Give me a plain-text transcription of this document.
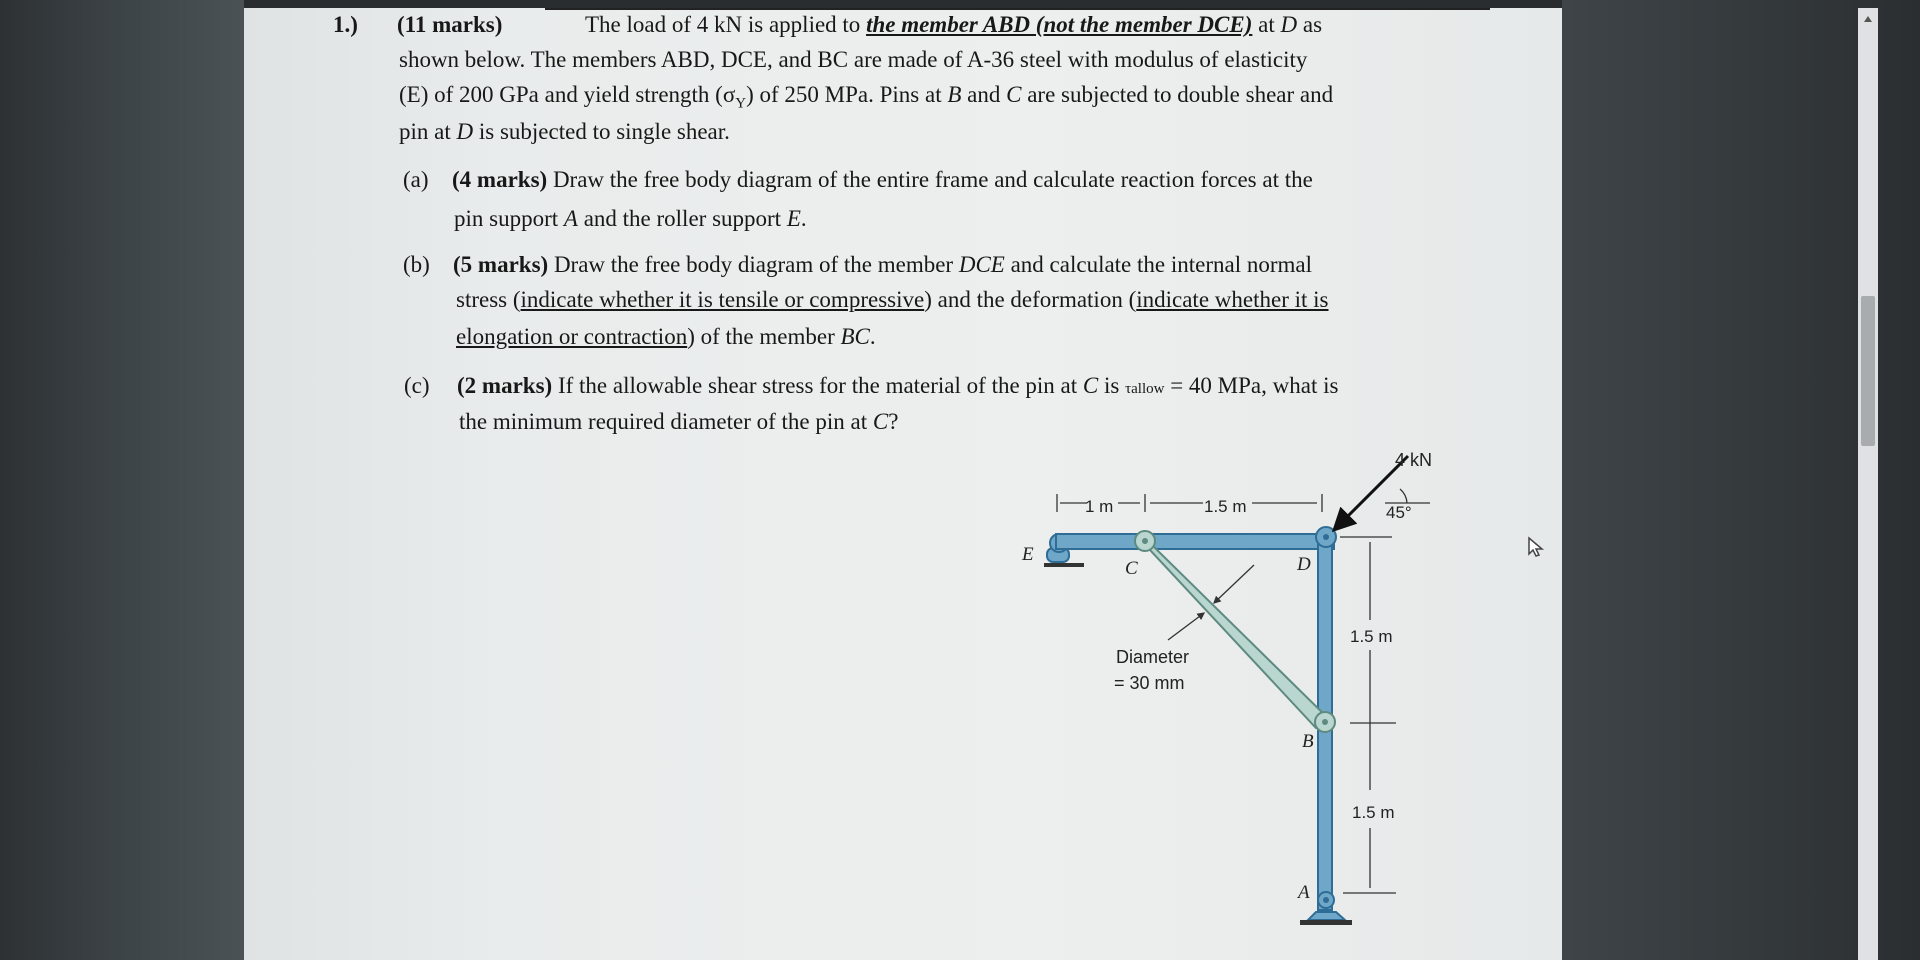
1.) (11 marks)	The load of 4 kN is applied to the member ABD (not the member DCE) at D as
shown below. The members ABD, DCE, and BC are made of A-36 steel with modulus of elasticity
(E) of 200 GPa and yield strength $(\sigma_Y)$ of 250 MPa. Pins at B and C are subjected to double shear and
pin at D is subjected to single shear.
(a) (4 marks) Draw the free body diagram of the entire frame and calculate reaction forces at the
pin support A and the roller support E.
(b) (5 marks) Draw the free body diagram of the member DCE and calculate the internal normal
stress (indicate whether it is tensile or compressive) and the deformation (indicate whether it is
elongation or contraction) of the member BC.
(c) (2 marks) If the allowable shear stress for the material of the pin at C is τallow = 40 MPa, what is
the minimum required diameter of the pin at C?
4 kN
45°
1 m	1.5 m
1.5 m
1.5 m
E
C	D
B
A
Diameter
= 30 mm
